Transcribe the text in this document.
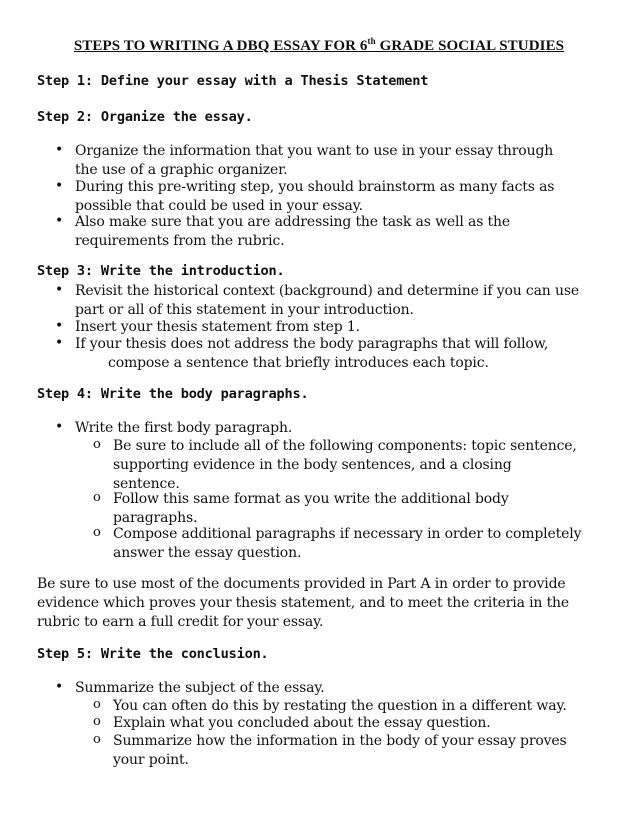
STEPS TO WRITING A DBQ ESSAY FOR 6th GRADE SOCIAL STUDIES
Step 1: Define your essay with a Thesis Statement
Step 2: Organize the essay.
• Organize the information that you want to use in your essay through
the use of a graphic organizer.
• During this pre-writing step, you should brainstorm as many facts as
possible that could be used in your essay.
• Also make sure that you are addressing the task as well as the
requirements from the rubric.
Step 3: Write the introduction.
• Revisit the historical context (background) and determine if you can use
part or all of this statement in your introduction.
• Insert your thesis statement from step 1.
• If your thesis does not address the body paragraphs that will follow,
compose a sentence that briefly introduces each topic.
Step 4: Write the body paragraphs.
• Write the first body paragraph.
o Be sure to include all of the following components: topic sentence,
supporting evidence in the body sentences, and a closing
sentence.
o Follow this same format as you write the additional body
paragraphs.
o Compose additional paragraphs if necessary in order to completely
answer the essay question.
Be sure to use most of the documents provided in Part A in order to provide
evidence which proves your thesis statement, and to meet the criteria in the
rubric to earn a full credit for your essay.
Step 5: Write the conclusion.
• Summarize the subject of the essay.
o You can often do this by restating the question in a different way.
o Explain what you concluded about the essay question.
o Summarize how the information in the body of your essay proves
your point.
